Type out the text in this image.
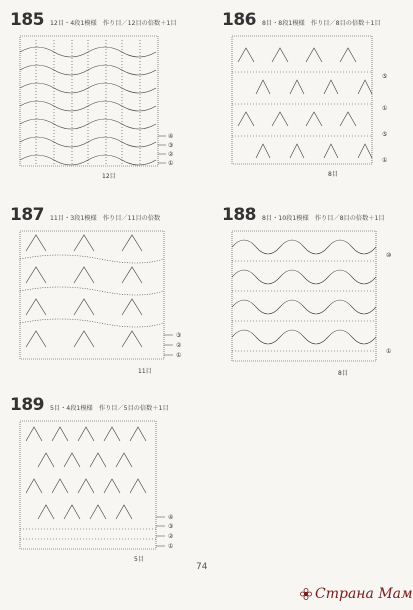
185 12目・4段1模様　作り目／12目の倍数＋1目
④
③
②
①
12目
186 8目・8段1模様　作り目／8目の倍数＋1目
⑤
①
⑤
①
8目
187 11目・3段1模様　作り目／11目の倍数
③
②
①
11目
188 8目・10段1模様　作り目／8目の倍数＋1目
⑩
①
8目
189 5目・4段1模様　作り目／5目の倍数＋1目
④
③
②
①
5目
74
Страна Мам
